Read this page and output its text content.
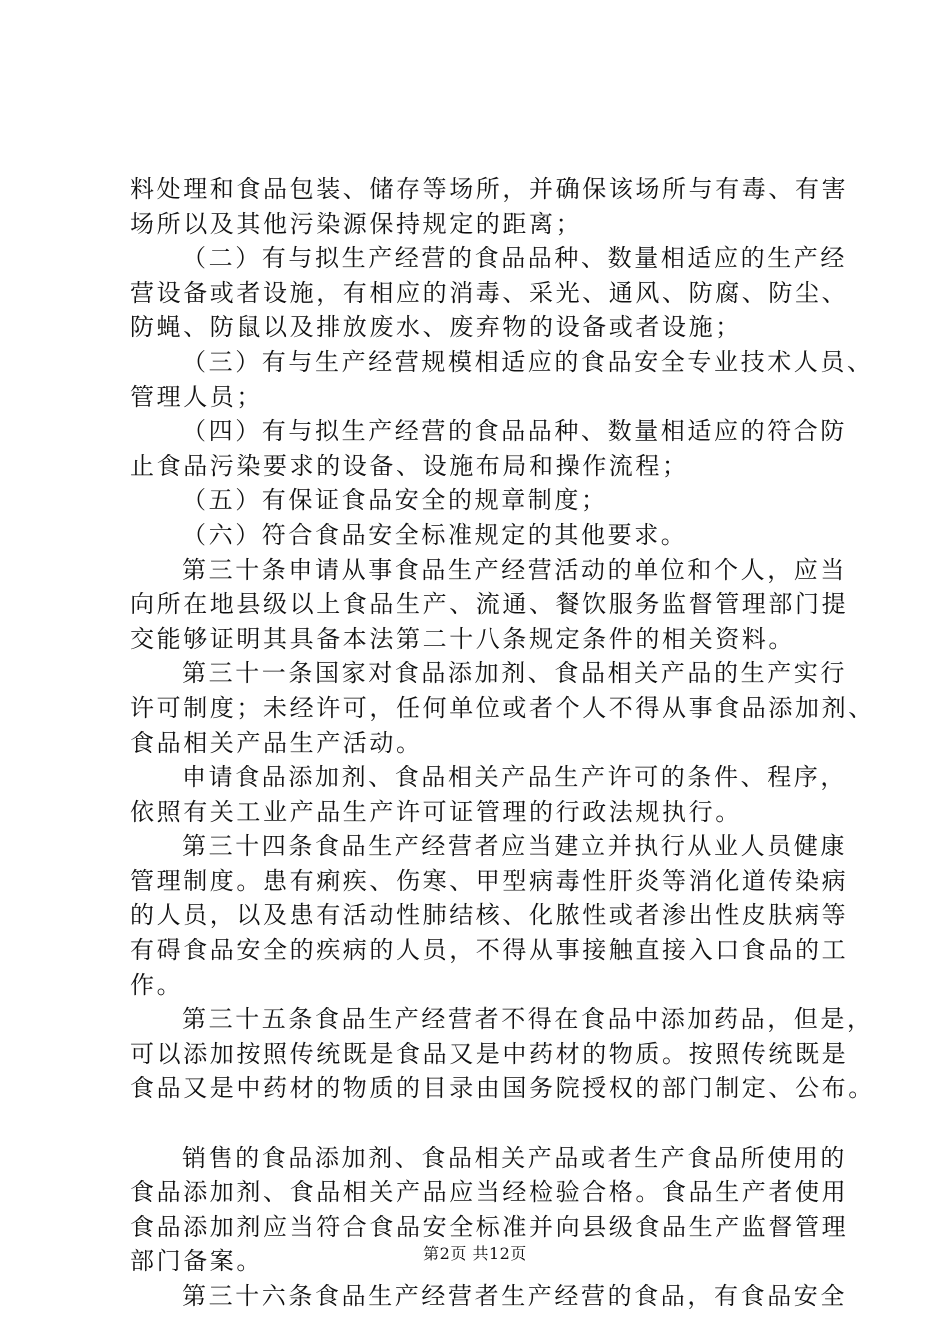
料处理和食品包装、储存等场所，并确保该场所与有毒、有害
场所以及其他污染源保持规定的距离；
（二）有与拟生产经营的食品品种、数量相适应的生产经
营设备或者设施，有相应的消毒、采光、通风、防腐、防尘、
防蝇、防鼠以及排放废水、废弃物的设备或者设施；
（三）有与生产经营规模相适应的食品安全专业技术人员、
管理人员；
（四）有与拟生产经营的食品品种、数量相适应的符合防
止食品污染要求的设备、设施布局和操作流程；
（五）有保证食品安全的规章制度；
（六）符合食品安全标准规定的其他要求。
第三十条申请从事食品生产经营活动的单位和个人，应当
向所在地县级以上食品生产、流通、餐饮服务监督管理部门提
交能够证明其具备本法第二十八条规定条件的相关资料。
第三十一条国家对食品添加剂、食品相关产品的生产实行
许可制度；未经许可，任何单位或者个人不得从事食品添加剂、
食品相关产品生产活动。
申请食品添加剂、食品相关产品生产许可的条件、程序，
依照有关工业产品生产许可证管理的行政法规执行。
第三十四条食品生产经营者应当建立并执行从业人员健康
管理制度。患有痢疾、伤寒、甲型病毒性肝炎等消化道传染病
的人员，以及患有活动性肺结核、化脓性或者渗出性皮肤病等
有碍食品安全的疾病的人员，不得从事接触直接入口食品的工
作。
第三十五条食品生产经营者不得在食品中添加药品，但是，
可以添加按照传统既是食品又是中药材的物质。按照传统既是
食品又是中药材的物质的目录由国务院授权的部门制定、公布。
销售的食品添加剂、食品相关产品或者生产食品所使用的
食品添加剂、食品相关产品应当经检验合格。食品生产者使用
食品添加剂应当符合食品安全标准并向县级食品生产监督管理
部门备案。
第三十六条食品生产经营者生产经营的食品，有食品安全
第2页 共12页
